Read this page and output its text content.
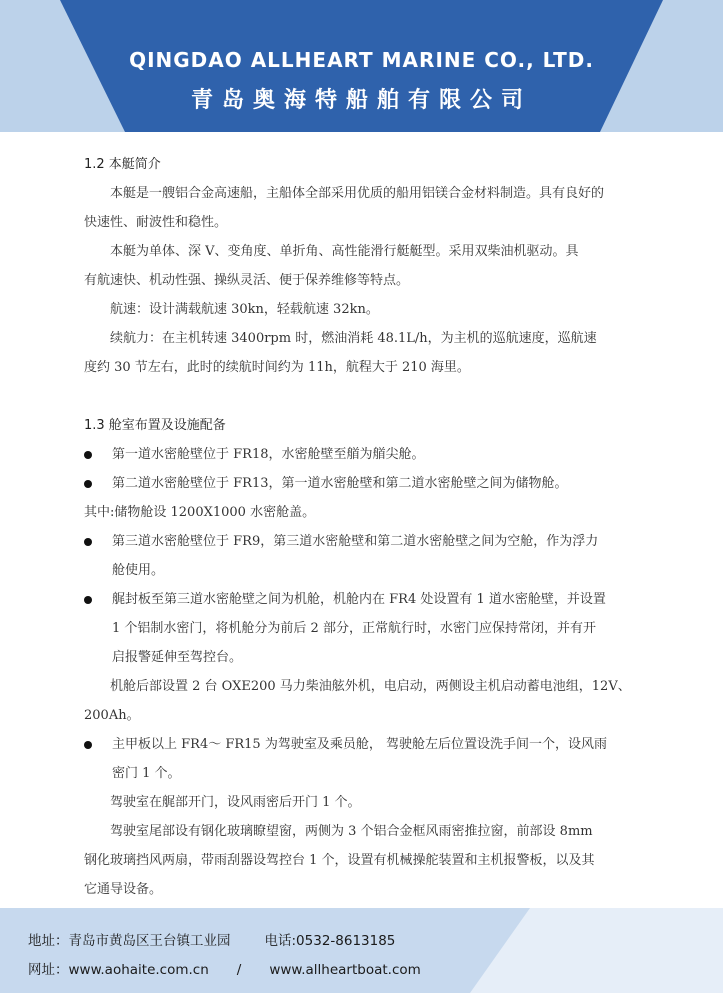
QINGDAO ALLHEART MARINE CO., LTD.
青岛奥海特船舶有限公司

1.2 本艇简介

本艇是一艘铝合金高速船，主船体全部采用优质的船用铝镁合金材料制造。具有良好的

快速性、耐波性和稳性。

本艇为单体、深 V、变角度、单折角、高性能滑行艇艇型。采用双柴油机驱动。具

有航速快、机动性强、操纵灵活、便于保养维修等特点。

航速：设计满载航速 30kn，轻载航速 32kn。

续航力：在主机转速 3400rpm 时，燃油消耗 48.1L/h，为主机的巡航速度，巡航速

度约 30 节左右，此时的续航时间约为 11h，航程大于 210 海里。

1.3 舱室布置及设施配备

第一道水密舱壁位于 FR18，水密舱壁至艏为艏尖舱。
第二道水密舱壁位于 FR13，第一道水密舱壁和第二道水密舱壁之间为储物舱。

其中:储物舱设 1200X1000 水密舱盖。

第三道水密舱壁位于 FR9，第三道水密舱壁和第二道水密舱壁之间为空舱，作为浮力
舱使用。
艉封板至第三道水密舱壁之间为机舱，机舱内在 FR4 处设置有 1 道水密舱壁，并设置
1 个铝制水密门，将机舱分为前后 2 部分，正常航行时，水密门应保持常闭，并有开
启报警延伸至驾控台。

机舱后部设置 2 台 OXE200 马力柴油舷外机，电启动，两侧设主机启动蓄电池组，12V、

200Ah。

主甲板以上 FR4～ FR15 为驾驶室及乘员舱， 驾驶舱左后位置设洗手间一个，设风雨
密门 1 个。

驾驶室在艉部开门，设风雨密后开门 1 个。

驾驶室尾部设有钢化玻璃瞭望窗，两侧为 3 个铝合金框风雨密推拉窗，前部设 8mm

钢化玻璃挡风两扇，带雨刮器设驾控台 1 个，设置有机械操舵装置和主机报警板，以及其

它通导设备。

地址：青岛市黄岛区王台镇工业园	电话:0532-8613185
网址：www.aohaite.com.cn / www.allheartboat.com
